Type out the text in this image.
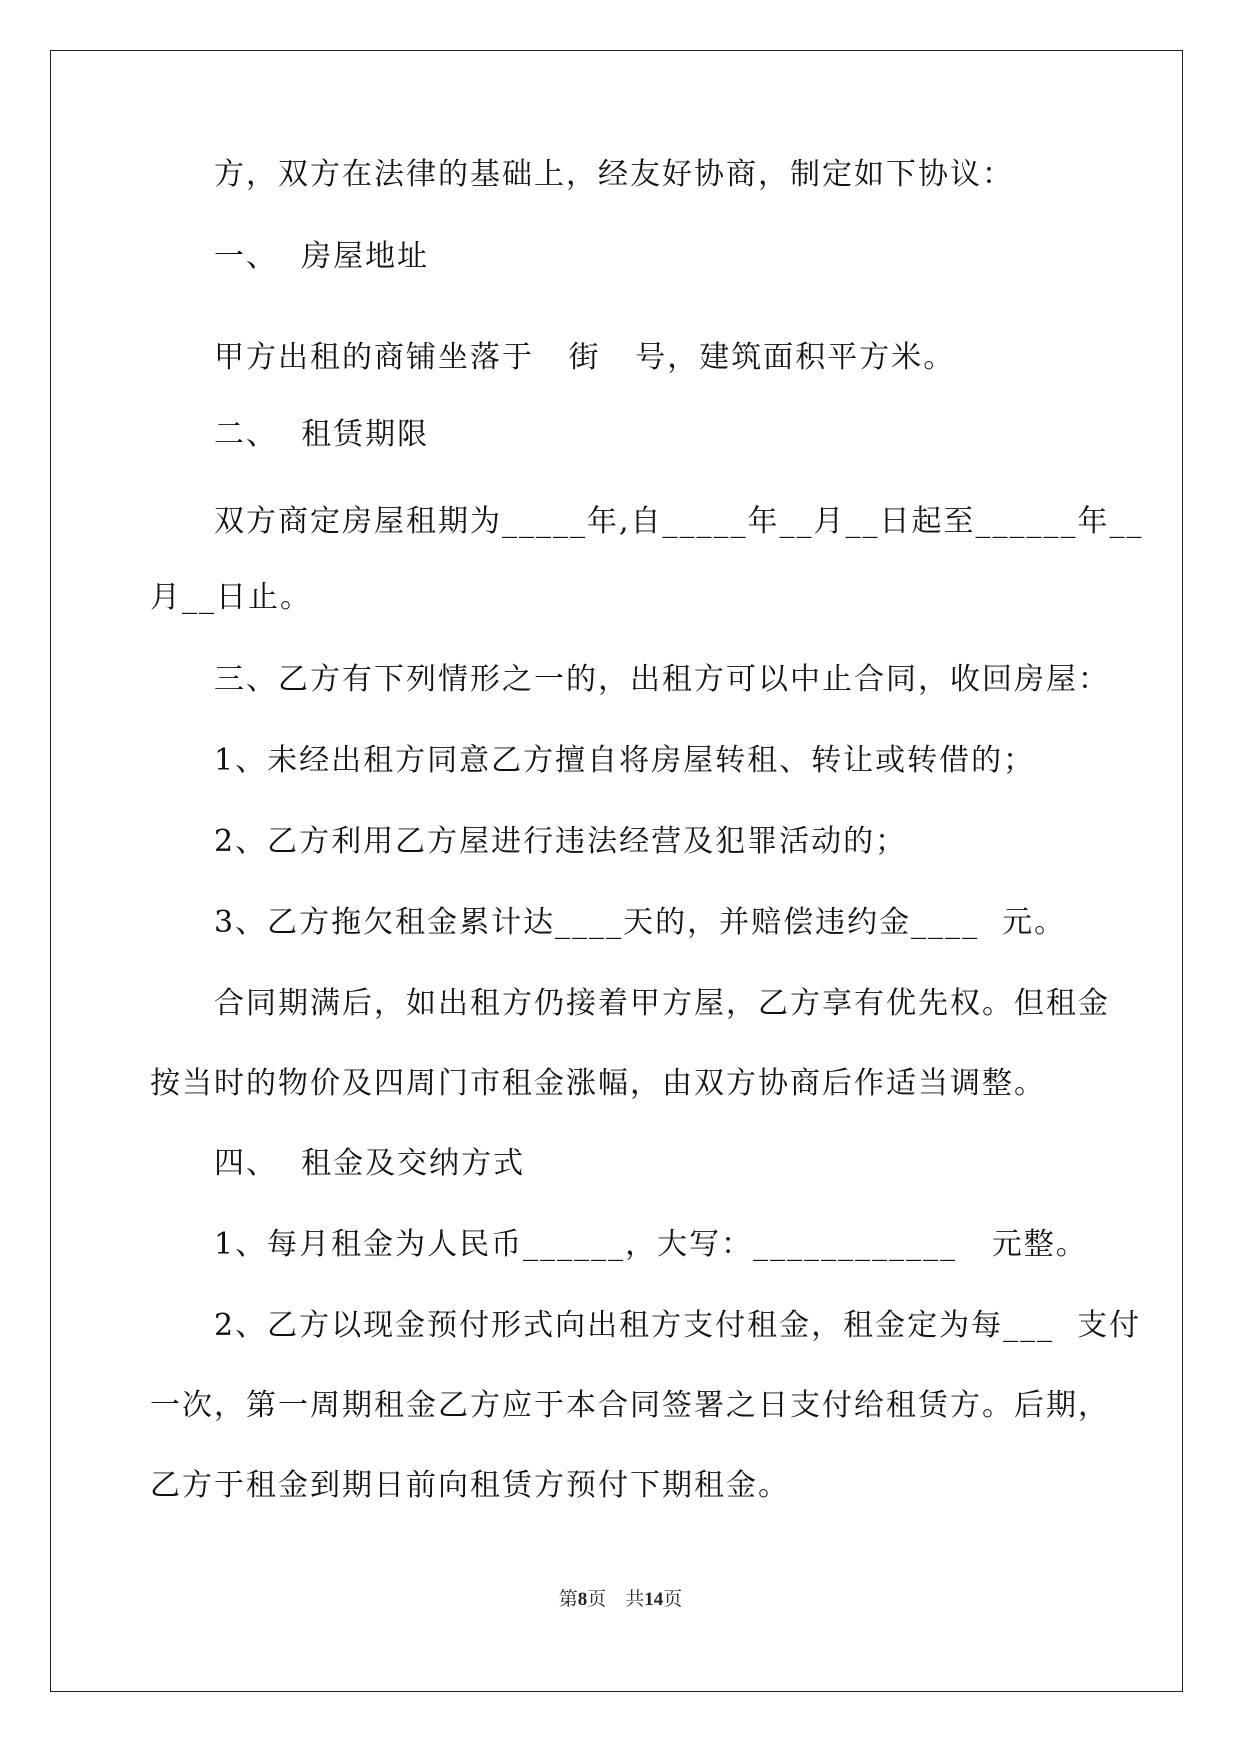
方，双方在法律的基础上，经友好协商，制定如下协议：

一、  房屋地址

甲方出租的商铺坐落于   街   号，建筑面积平方米。

二、  租赁期限

双方商定房屋租期为_____年,自_____年__月__日起至______年__

月__日止。

三、乙方有下列情形之一的，出租方可以中止合同，收回房屋：

1、未经出租方同意乙方擅自将房屋转租、转让或转借的；

2、乙方利用乙方屋进行违法经营及犯罪活动的；

3、乙方拖欠租金累计达____天的，并赔偿违约金____  元。

合同期满后，如出租方仍接着甲方屋，乙方享有优先权。但租金

按当时的物价及四周门市租金涨幅，由双方协商后作适当调整。

四、  租金及交纳方式

1、每月租金为人民币______，大写：____________   元整。

2、乙方以现金预付形式向出租方支付租金，租金定为每___  支付

一次，第一周期租金乙方应于本合同签署之日支付给租赁方。后期，

乙方于租金到期日前向租赁方预付下期租金。

第8页 共14页
